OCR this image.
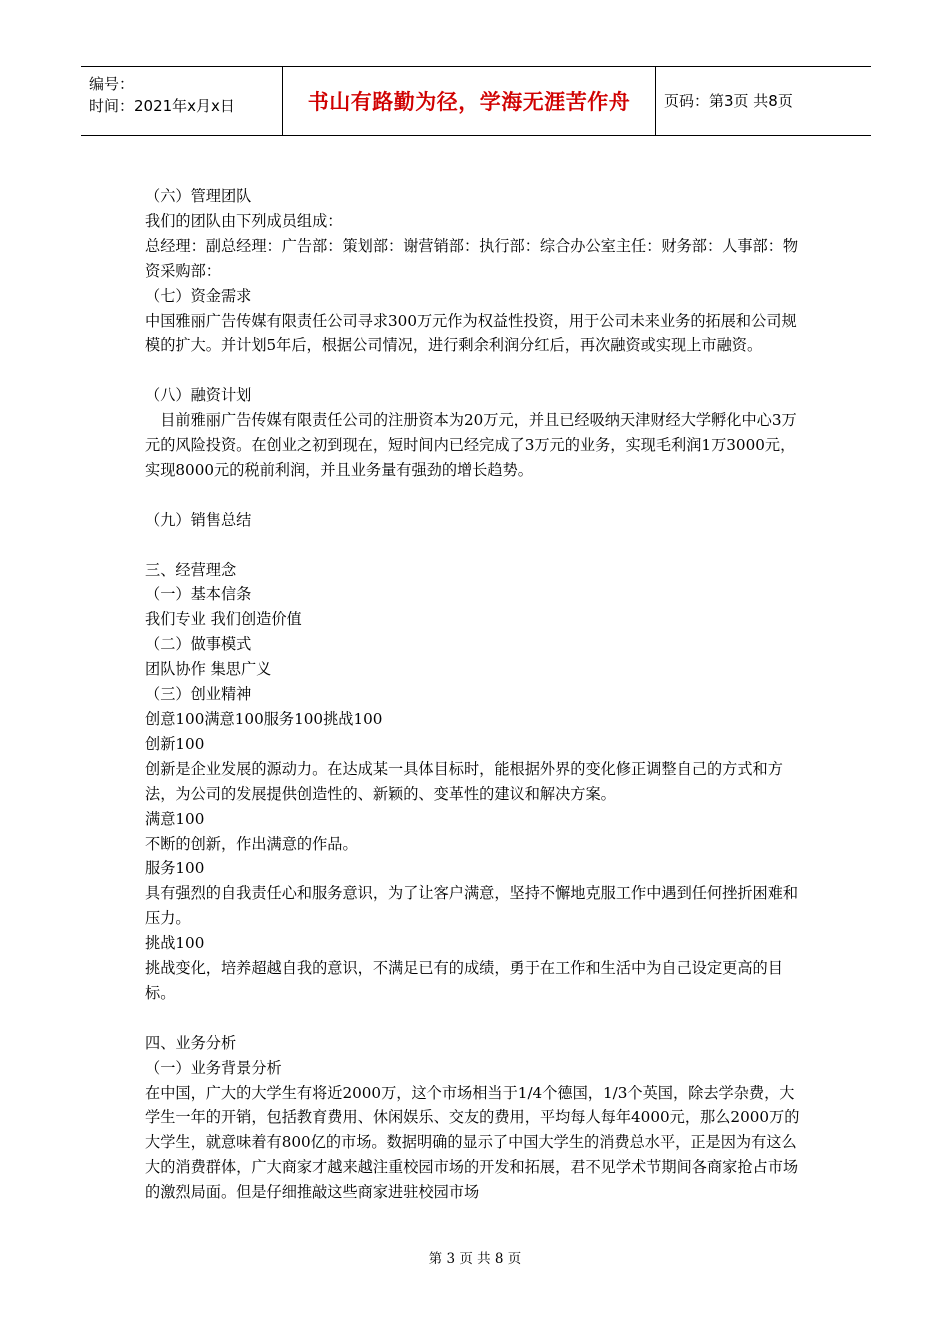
编号：
时间：2021年x月x日	书山有路勤为径，学海无涯苦作舟	页码：第3页 共8页

（六）管理团队

我们的团队由下列成员组成：

总经理：副总经理：广告部：策划部：谢营销部：执行部：综合办公室主任：财务部：人事部：物资采购部：

（七）资金需求

中国雅丽广告传媒有限责任公司寻求300万元作为权益性投资，用于公司未来业务的拓展和公司规模的扩大。并计划5年后，根据公司情况，进行剩余利润分红后，再次融资或实现上市融资。

（八）融资计划

目前雅丽广告传媒有限责任公司的注册资本为20万元，并且已经吸纳天津财经大学孵化中心3万元的风险投资。在创业之初到现在，短时间内已经完成了3万元的业务，实现毛利润1万3000元，实现8000元的税前利润，并且业务量有强劲的增长趋势。

（九）销售总结

三、经营理念

（一）基本信条

我们专业 我们创造价值

（二）做事模式

团队协作 集思广义

（三）创业精神

创意100满意100服务100挑战100

创新100

创新是企业发展的源动力。在达成某一具体目标时，能根据外界的变化修正调整自己的方式和方法，为公司的发展提供创造性的、新颖的、变革性的建议和解决方案。

满意100

不断的创新，作出满意的作品。

服务100

具有强烈的自我责任心和服务意识，为了让客户满意，坚持不懈地克服工作中遇到任何挫折困难和压力。

挑战100

挑战变化，培养超越自我的意识，不满足已有的成绩，勇于在工作和生活中为自己设定更高的目标。

四、业务分析

（一）业务背景分析

在中国，广大的大学生有将近2000万，这个市场相当于1/4个德国，1/3个英国，除去学杂费，大学生一年的开销，包括教育费用、休闲娱乐、交友的费用，平均每人每年4000元，那么2000万的大学生，就意味着有800亿的市场。数据明确的显示了中国大学生的消费总水平，正是因为有这么大的消费群体，广大商家才越来越注重校园市场的开发和拓展，君不见学术节期间各商家抢占市场的激烈局面。但是仔细推敲这些商家进驻校园市场

第 3 页 共 8 页
